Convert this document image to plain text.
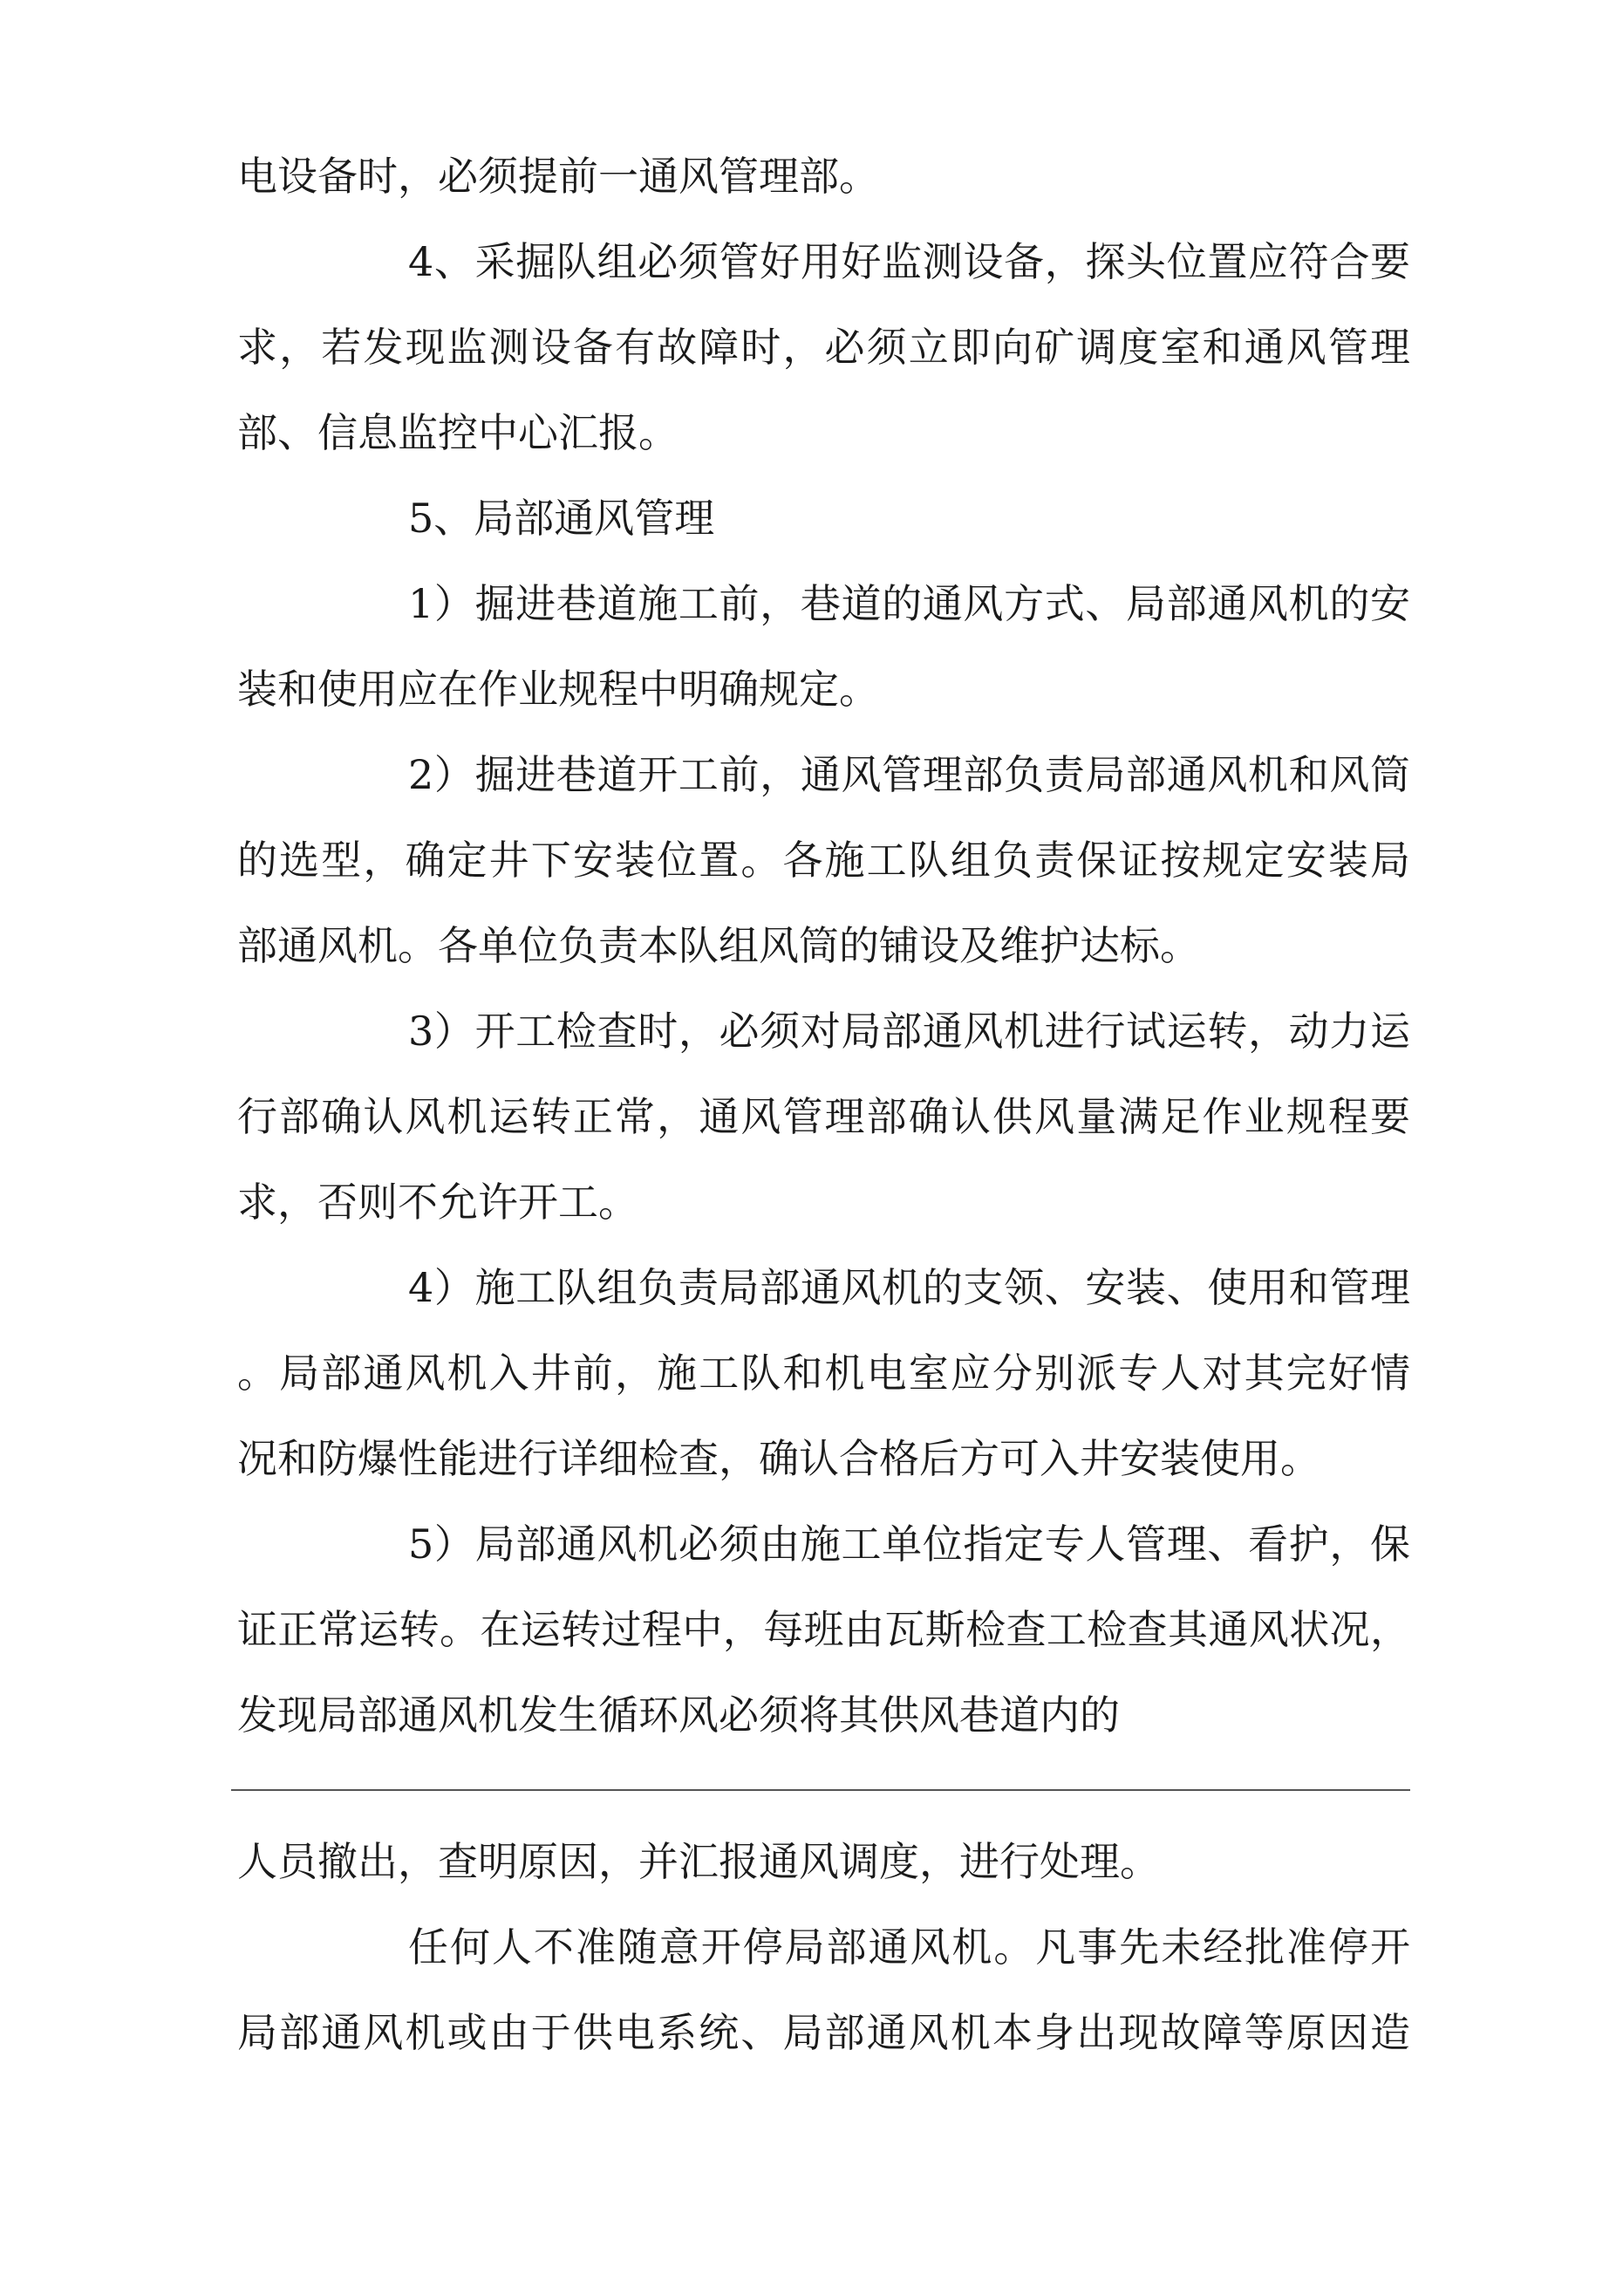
电设备时，必须提前一通风管理部。
4、采掘队组必须管好用好监测设备，探头位置应符合要
求，若发现监测设备有故障时，必须立即向矿调度室和通风管理
部、信息监控中心汇报。
5、局部通风管理
1）掘进巷道施工前，巷道的通风方式、局部通风机的安
装和使用应在作业规程中明确规定。
2）掘进巷道开工前，通风管理部负责局部通风机和风筒
的选型，确定井下安装位置。各施工队组负责保证按规定安装局
部通风机。各单位负责本队组风筒的铺设及维护达标。
3）开工检查时，必须对局部通风机进行试运转，动力运
行部确认风机运转正常，通风管理部确认供风量满足作业规程要
求，否则不允许开工。
4）施工队组负责局部通风机的支领、安装、使用和管理
。局部通风机入井前，施工队和机电室应分别派专人对其完好情
况和防爆性能进行详细检查，确认合格后方可入井安装使用。
5）局部通风机必须由施工单位指定专人管理、看护，保
证正常运转。在运转过程中，每班由瓦斯检查工检查其通风状况，
发现局部通风机发生循环风必须将其供风巷道内的
人员撤出，查明原因，并汇报通风调度，进行处理。
任何人不准随意开停局部通风机。凡事先未经批准停开
局部通风机或由于供电系统、局部通风机本身出现故障等原因造
